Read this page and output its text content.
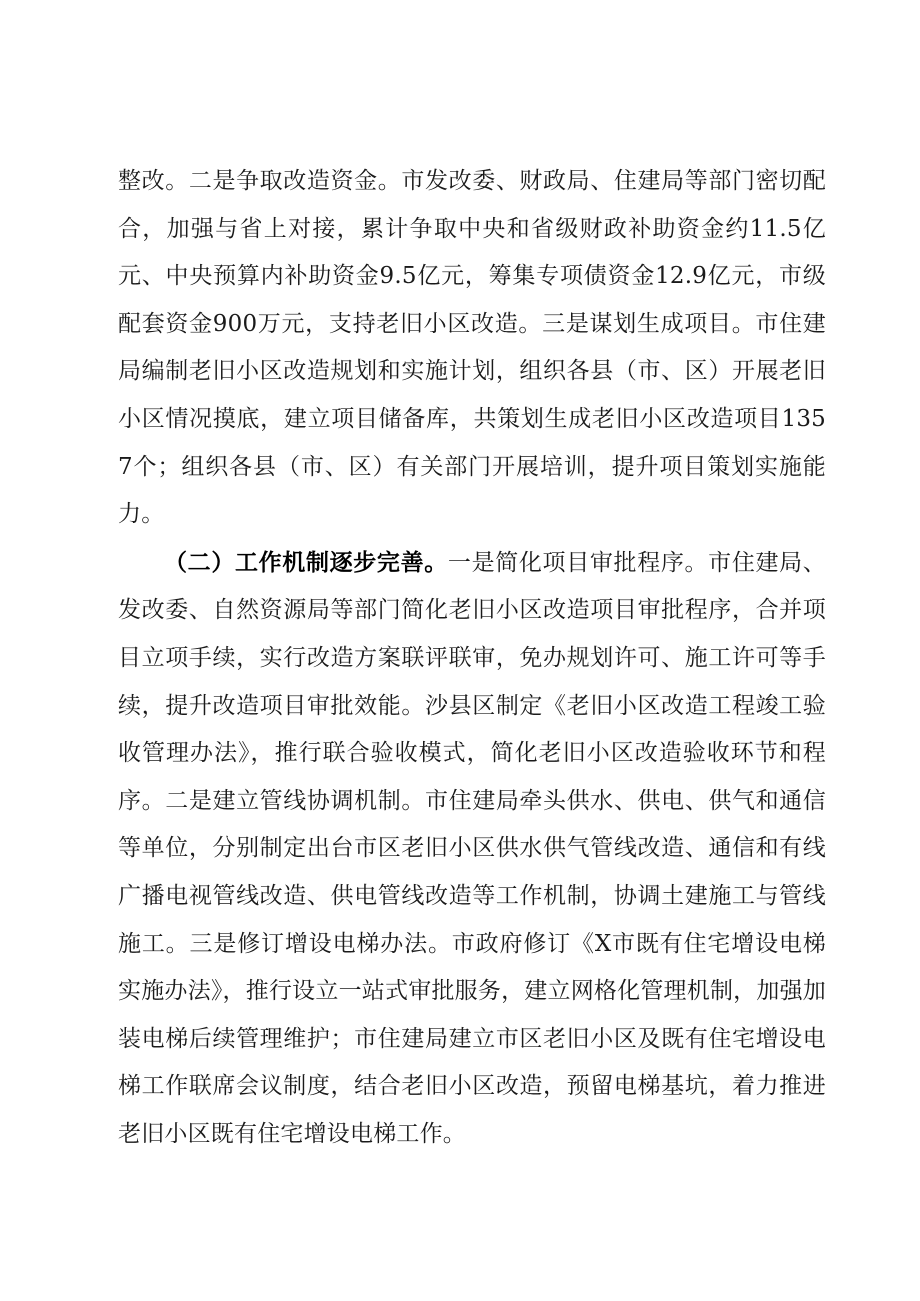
整改。二是争取改造资金。市发改委、财政局、住建局等部门密切配合，加强与省上对接，累计争取中央和省级财政补助资金约11.5亿元、中央预算内补助资金9.5亿元，筹集专项债资金12.9亿元，市级配套资金900万元，支持老旧小区改造。三是谋划生成项目。市住建局编制老旧小区改造规划和实施计划，组织各县（市、区）开展老旧小区情况摸底，建立项目储备库，共策划生成老旧小区改造项目1357个；组织各县（市、区）有关部门开展培训，提升项目策划实施能力。

（二）工作机制逐步完善。一是简化项目审批程序。市住建局、发改委、自然资源局等部门简化老旧小区改造项目审批程序，合并项目立项手续，实行改造方案联评联审，免办规划许可、施工许可等手续，提升改造项目审批效能。沙县区制定《老旧小区改造工程竣工验收管理办法》，推行联合验收模式，简化老旧小区改造验收环节和程序。二是建立管线协调机制。市住建局牵头供水、供电、供气和通信等单位，分别制定出台市区老旧小区供水供气管线改造、通信和有线广播电视管线改造、供电管线改造等工作机制，协调土建施工与管线施工。三是修订增设电梯办法。市政府修订《X市既有住宅增设电梯实施办法》，推行设立一站式审批服务，建立网格化管理机制，加强加装电梯后续管理维护；市住建局建立市区老旧小区及既有住宅增设电梯工作联席会议制度，结合老旧小区改造，预留电梯基坑，着力推进老旧小区既有住宅增设电梯工作。
